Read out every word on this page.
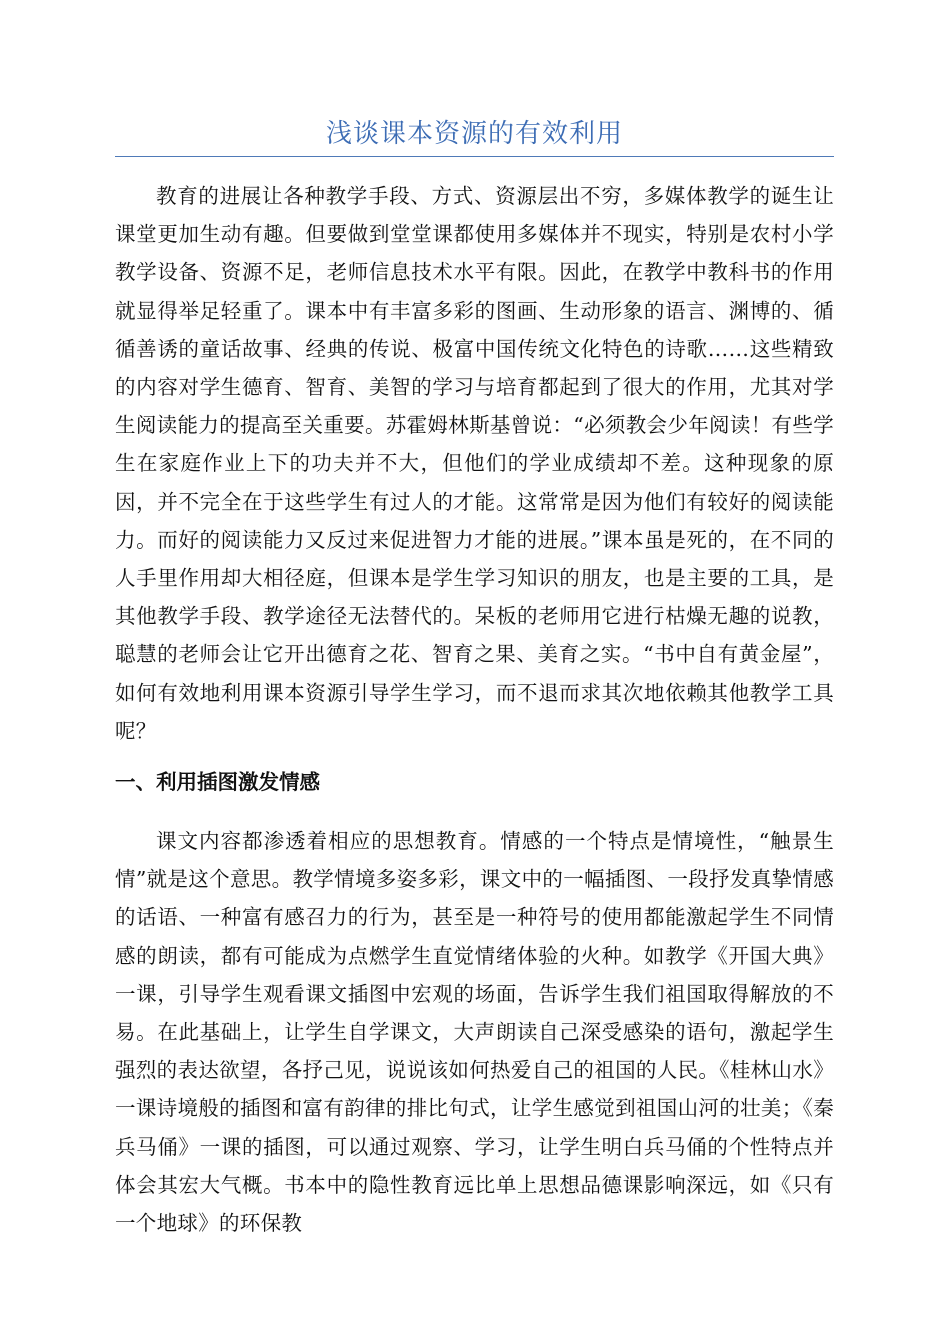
浅谈课本资源的有效利用

教育的进展让各种教学手段、方式、资源层出不穷，多媒体教学的诞生让课堂更加生动有趣。但要做到堂堂课都使用多媒体并不现实，特别是农村小学教学设备、资源不足，老师信息技术水平有限。因此，在教学中教科书的作用就显得举足轻重了。课本中有丰富多彩的图画、生动形象的语言、渊博的、循循善诱的童话故事、经典的传说、极富中国传统文化特色的诗歌……这些精致的内容对学生德育、智育、美智的学习与培育都起到了很大的作用，尤其对学生阅读能力的提高至关重要。苏霍姆林斯基曾说：“必须教会少年阅读！有些学生在家庭作业上下的功夫并不大，但他们的学业成绩却不差。这种现象的原因，并不完全在于这些学生有过人的才能。这常常是因为他们有较好的阅读能力。而好的阅读能力又反过来促进智力才能的进展。”课本虽是死的，在不同的人手里作用却大相径庭，但课本是学生学习知识的朋友，也是主要的工具，是其他教学手段、教学途径无法替代的。呆板的老师用它进行枯燥无趣的说教，聪慧的老师会让它开出德育之花、智育之果、美育之实。“书中自有黄金屋”，如何有效地利用课本资源引导学生学习，而不退而求其次地依赖其他教学工具呢？

一、利用插图激发情感

课文内容都渗透着相应的思想教育。情感的一个特点是情境性，“触景生情”就是这个意思。教学情境多姿多彩，课文中的一幅插图、一段抒发真挚情感的话语、一种富有感召力的行为，甚至是一种符号的使用都能激起学生不同情感的朗读，都有可能成为点燃学生直觉情绪体验的火种。如教学《开国大典》一课，引导学生观看课文插图中宏观的场面，告诉学生我们祖国取得解放的不易。在此基础上，让学生自学课文，大声朗读自己深受感染的语句，激起学生强烈的表达欲望，各抒己见，说说该如何热爱自己的祖国的人民。《桂林山水》一课诗境般的插图和富有韵律的排比句式，让学生感觉到祖国山河的壮美；《秦兵马俑》一课的插图，可以通过观察、学习，让学生明白兵马俑的个性特点并体会其宏大气概。书本中的隐性教育远比单上思想品德课影响深远，如《只有一个地球》的环保教
